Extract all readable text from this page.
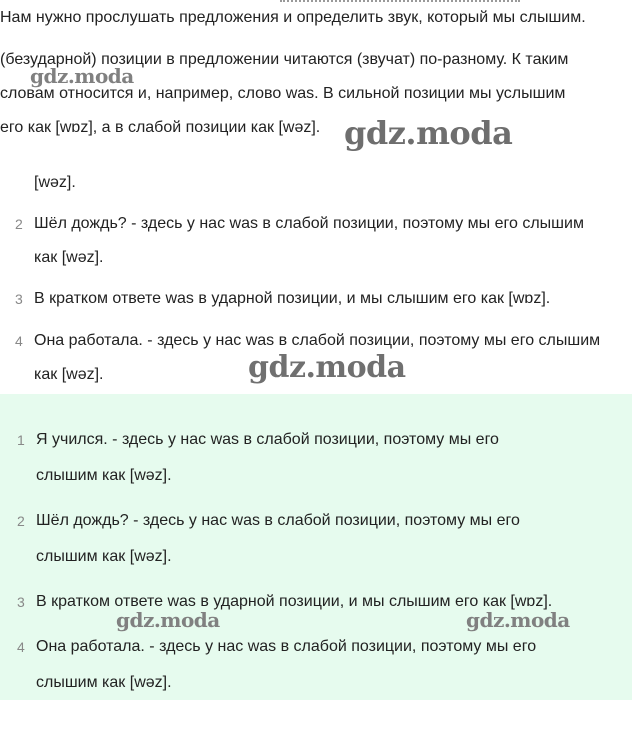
Нам нужно прослушать предложения и определить звук, который мы слышим.
(безударной) позиции в предложении читаются (звучат) по-разному. К таким
словам относится и, например, слово was. В сильной позиции мы услышим
его как [wɒz], а в слабой позиции как [wəz].
[wəz].
2 Шёл дождь? - здесь у нас was в слабой позиции, поэтому мы его слышим
как [wəz].
3 В кратком ответе was в ударной позиции, и мы слышим его как [wɒz].
4 Она работала. - здесь у нас was в слабой позиции, поэтому мы его слышим
как [wəz].
1 Я учился. - здесь у нас was в слабой позиции, поэтому мы его
слышим как [wəz].
2 Шёл дождь? - здесь у нас was в слабой позиции, поэтому мы его
слышим как [wəz].
3 В кратком ответе was в ударной позиции, и мы слышим его как [wɒz].
4 Она работала. - здесь у нас was в слабой позиции, поэтому мы его
слышим как [wəz].
gdz.moda
gdz.moda
gdz.moda
gdz.moda	gdz.moda
